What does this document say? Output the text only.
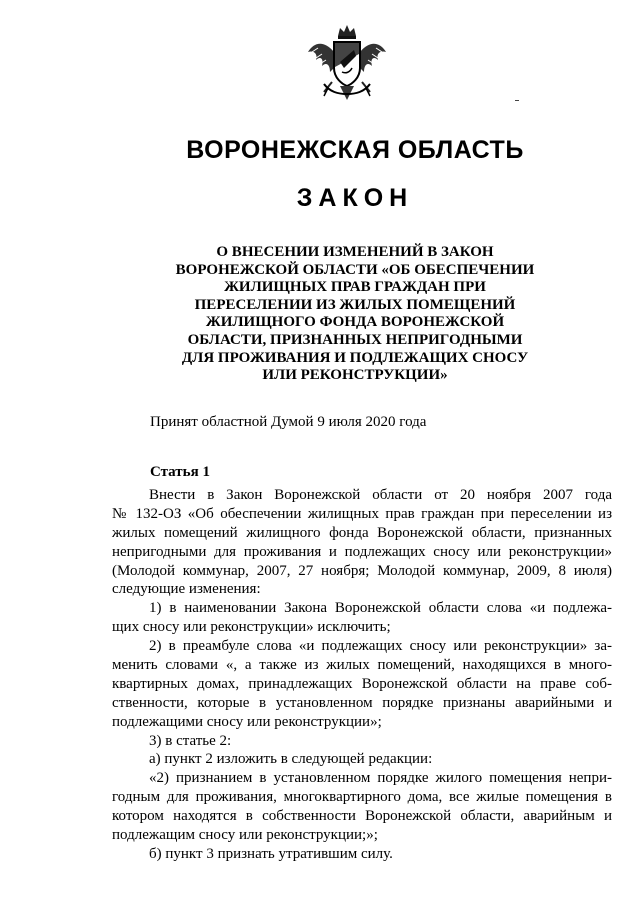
ВОРОНЕЖСКАЯ ОБЛАСТЬ
ЗАКОН
О ВНЕСЕНИИ ИЗМЕНЕНИЙ В ЗАКОН
ВОРОНЕЖСКОЙ ОБЛАСТИ «ОБ ОБЕСПЕЧЕНИИ
ЖИЛИЩНЫХ ПРАВ ГРАЖДАН ПРИ
ПЕРЕСЕЛЕНИИ ИЗ ЖИЛЫХ ПОМЕЩЕНИЙ
ЖИЛИЩНОГО ФОНДА ВОРОНЕЖСКОЙ
ОБЛАСТИ, ПРИЗНАННЫХ НЕПРИГОДНЫМИ
ДЛЯ ПРОЖИВАНИЯ И ПОДЛЕЖАЩИХ СНОСУ
ИЛИ РЕКОНСТРУКЦИИ»
Принят областной Думой 9 июля 2020 года
Статья 1
Внести в Закон Воронежской области от 20 ноября 2007 года
№ 132-ОЗ «Об обеспечении жилищных прав граждан при переселении из
жилых помещений жилищного фонда Воронежской области, признанных
непригодными для проживания и подлежащих сносу или реконструкции»
(Молодой коммунар, 2007, 27 ноября; Молодой коммунар, 2009, 8 июля)
следующие изменения:
1) в наименовании Закона Воронежской области слова «и подлежа-
щих сносу или реконструкции» исключить;
2) в преамбуле слова «и подлежащих сносу или реконструкции» за-
менить словами «, а также из жилых помещений, находящихся в много-
квартирных домах, принадлежащих Воронежской области на праве соб-
ственности, которые в установленном порядке признаны аварийными и
подлежащими сносу или реконструкции»;
3) в статье 2:
а) пункт 2 изложить в следующей редакции:
«2) признанием в установленном порядке жилого помещения непри-
годным для проживания, многоквартирного дома, все жилые помещения в
котором находятся в собственности Воронежской области, аварийным и
подлежащим сносу или реконструкции;»;
б) пункт 3 признать утратившим силу.
